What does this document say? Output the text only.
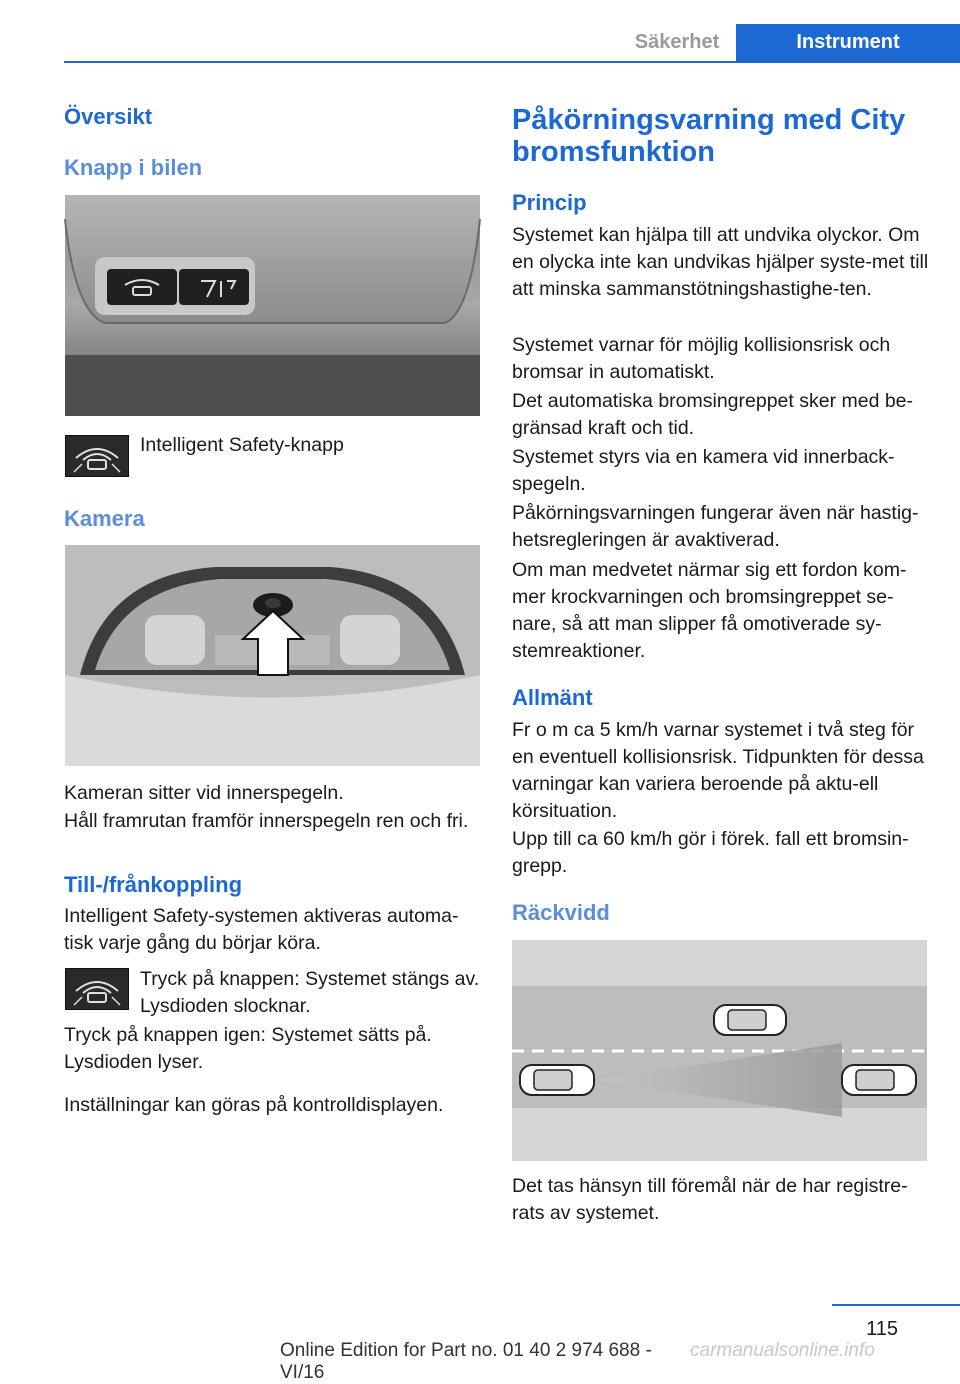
Säkerhet	Instrument
Översikt
Knapp i bilen
Intelligent Safety-knapp
Kamera
Kameran sitter vid innerspegeln.
Håll framrutan framför innerspegeln ren och fri.
Till-/frånkoppling
Intelligent Safety-systemen aktiveras automa‐tisk varje gång du börjar köra.
Tryck på knappen: Systemet stängs av. Lysdioden slocknar.
Tryck på knappen igen: Systemet sätts på. Lysdioden lyser.
Inställningar kan göras på kontrolldisplayen.
Påkörningsvarning med City bromsfunktion
Princip
Systemet kan hjälpa till att undvika olyckor. Om en olycka inte kan undvikas hjälper syste‐met till att minska sammanstötningshastighe‐ten.
Systemet varnar för möjlig kollisionsrisk och bromsar in automatiskt.
Det automatiska bromsingreppet sker med be‐gränsad kraft och tid.
Systemet styrs via en kamera vid innerback‐spegeln.
Påkörningsvarningen fungerar även när hastig‐hetsregleringen är avaktiverad.
Om man medvetet närmar sig ett fordon kom‐mer krockvarningen och bromsingreppet se‐nare, så att man slipper få omotiverade sy‐stemreaktioner.
Allmänt
Fr o m ca 5 km/h varnar systemet i två steg för en eventuell kollisionsrisk. Tidpunkten för dessa varningar kan variera beroende på aktu‐ell körsituation.
Upp till ca 60 km/h gör i förek. fall ett bromsin‐grepp.
Räckvidd
Det tas hänsyn till föremål när de har registre‐rats av systemet.
115
Online Edition for Part no. 01 40 2 974 688 - VI/16
carmanualsonline.info
